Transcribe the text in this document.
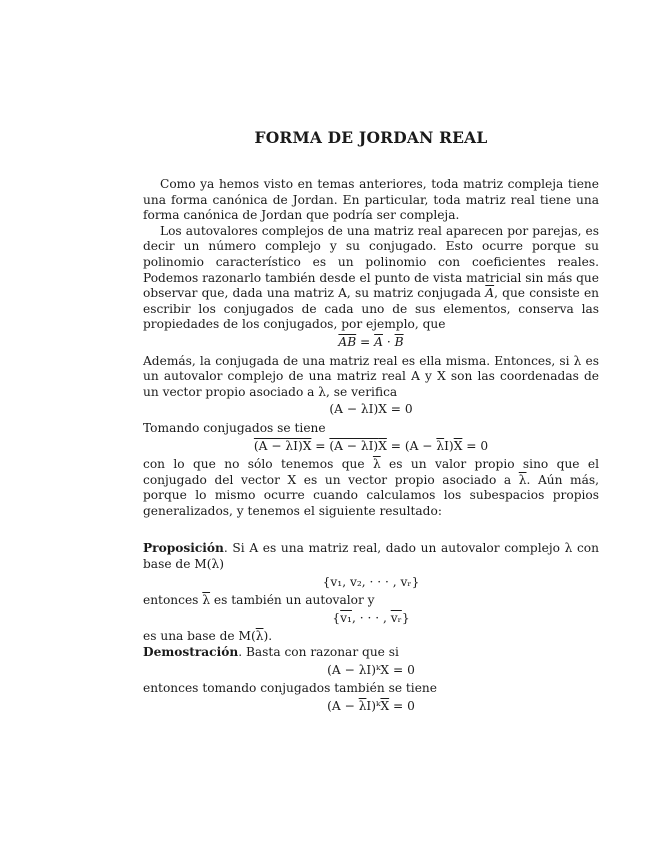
FORMA DE JORDAN REAL

Como ya hemos visto en temas anteriores, toda matriz compleja tiene una forma canónica de Jordan. En particular, toda matriz real tiene una forma canónica de Jordan que podría ser compleja.

Los autovalores complejos de una matriz real aparecen por parejas, es decir un número complejo y su conjugado. Esto ocurre porque su polinomio característico es un polinomio con coeficientes reales. Podemos razonarlo también desde el punto de vista matricial sin más que observar que, dada una matriz A, su matriz conjugada $\overline{A}$, que consiste en escribir los conjugados de cada uno de sus elementos, conserva las propiedades de los conjugados, por ejemplo, que

$\overline{AB} = \overline{A} \cdot \overline{B}$

Además, la conjugada de una matriz real es ella misma. Entonces, si λ es un autovalor complejo de una matriz real A y X son las coordenadas de un vector propio asociado a λ, se verifica

(A − λI)X = 0

Tomando conjugados se tiene

$(A - \lambda I)X = (A - \lambda I)\overline{X} = (A - \overline{\lambda}I)\overline{X} = 0$

con lo que no sólo tenemos que $\overline{\lambda}$ es un valor propio sino que el conjugado del vector X es un vector propio asociado a $\overline{\lambda}$. Aún más, porque lo mismo ocurre cuando calculamos los subespacios propios generalizados, y tenemos el siguiente resultado:

Proposición. Si A es una matriz real, dado un autovalor complejo λ con base de M(λ)

{v₁, v₂, · · · , vᵣ}

entonces $\overline{\lambda}$ es también un autovalor y

{v₁, · · · , $\overline{vᵣ}$}

es una base de $M(\overline{\lambda})$.

Demostración. Basta con razonar que si

(A − λI)ᵏX = 0

entonces tomando conjugados también se tiene

$(A - \overline{\lambda}I)ᵏ\overline{X} = 0$
